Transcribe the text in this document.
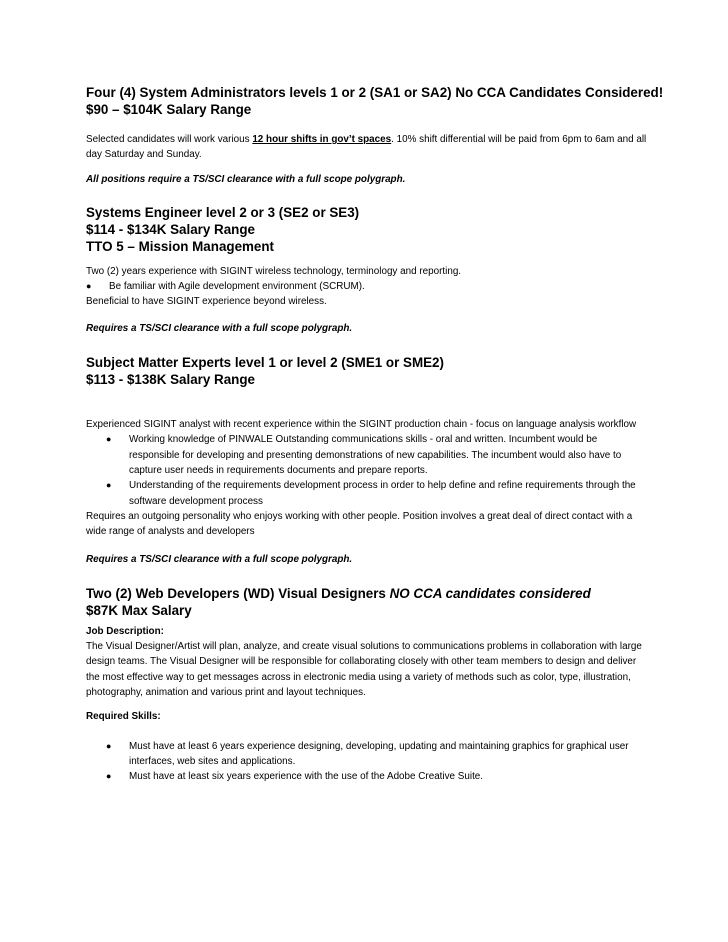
Four (4) System Administrators levels 1 or 2 (SA1 or SA2) No CCA Candidates Considered!
$90 – $104K Salary Range

Selected candidates will work various 12 hour shifts in gov’t spaces. 10% shift differential will be paid from 6pm to 6am and all day Saturday and Sunday.

All positions require a TS/SCI clearance with a full scope polygraph.

Systems Engineer level 2 or 3 (SE2 or SE3)
$114 - $134K Salary Range
TTO 5 – Mission Management

Two (2) years experience with SIGINT wireless technology, terminology and reporting.

● Be familiar with Agile development environment (SCRUM).

Beneficial to have SIGINT experience beyond wireless.

Requires a TS/SCI clearance with a full scope polygraph.

Subject Matter Experts level 1 or level 2 (SME1 or SME2)
$113 - $138K Salary Range

Experienced SIGINT analyst with recent experience within the SIGINT production chain - focus on language analysis workflow

● Working knowledge of PINWALE Outstanding communications skills - oral and written. Incumbent would be responsible for developing and presenting demonstrations of new capabilities. The incumbent would also have to capture user needs in requirements documents and prepare reports.
● Understanding of the requirements development process in order to help define and refine requirements through the software development process

Requires an outgoing personality who enjoys working with other people. Position involves a great deal of direct contact with a wide range of analysts and developers

Requires a TS/SCI clearance with a full scope polygraph.

Two (2) Web Developers (WD) Visual Designers NO CCA candidates considered
$87K Max Salary

Job Description:

The Visual Designer/Artist will plan, analyze, and create visual solutions to communications problems in collaboration with large design teams. The Visual Designer will be responsible for collaborating closely with other team members to design and deliver the most effective way to get messages across in electronic media using a variety of methods such as color, type, illustration, photography, animation and various print and layout techniques.

Required Skills:

● Must have at least 6 years experience designing, developing, updating and maintaining graphics for graphical user interfaces, web sites and applications.
● Must have at least six years experience with the use of the Adobe Creative Suite.
